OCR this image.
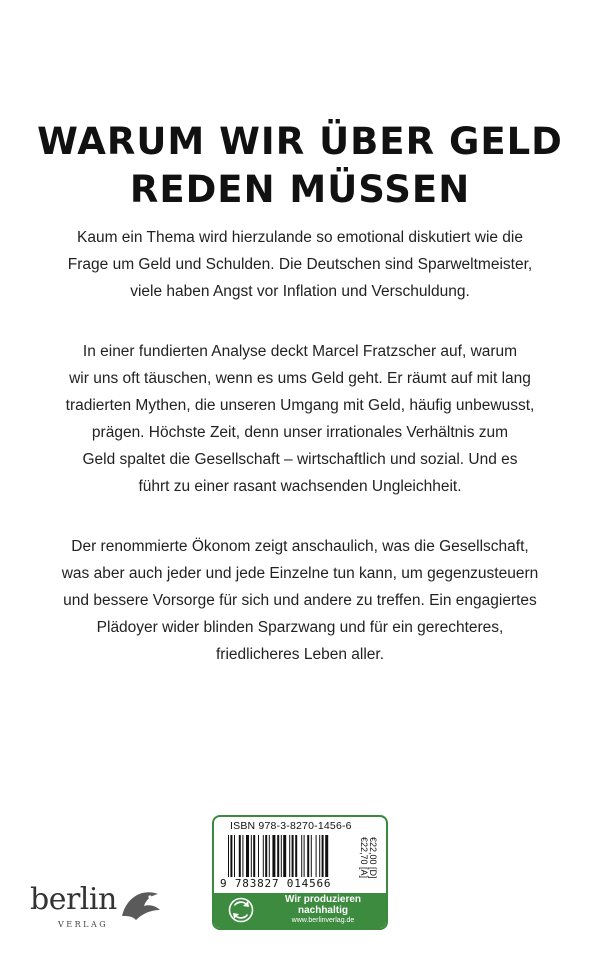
WARUM WIR ÜBER GELD
REDEN MÜSSEN

Kaum ein Thema wird hierzulande so emotional diskutiert wie die

Frage um Geld und Schulden. Die Deutschen sind Sparweltmeister,

viele haben Angst vor Inflation und Verschuldung.

In einer fundierten Analyse deckt Marcel Fratzscher auf, warum

wir uns oft täuschen, wenn es ums Geld geht. Er räumt auf mit lang

tradierten Mythen, die unseren Umgang mit Geld, häufig unbewusst,

prägen. Höchste Zeit, denn unser irrationales Verhältnis zum

Geld spaltet die Gesellschaft – wirtschaftlich und sozial. Und es

führt zu einer rasant wachsenden Ungleichheit.

Der renommierte Ökonom zeigt anschaulich, was die Gesellschaft,

was aber auch jeder und jede Einzelne tun kann, um gegenzusteuern

und bessere Vorsorge für sich und andere zu treffen. Ein engagiertes

Plädoyer wider blinden Sparzwang und für ein gerechteres,

friedlicheres Leben aller.

berlin
VERLAG
ISBN 978-3-8270-1456-6
9 783827 014566
€22,00 [D]
€22,70 [A]
Wir produzieren
nachhaltig
www.berlinverlag.de
